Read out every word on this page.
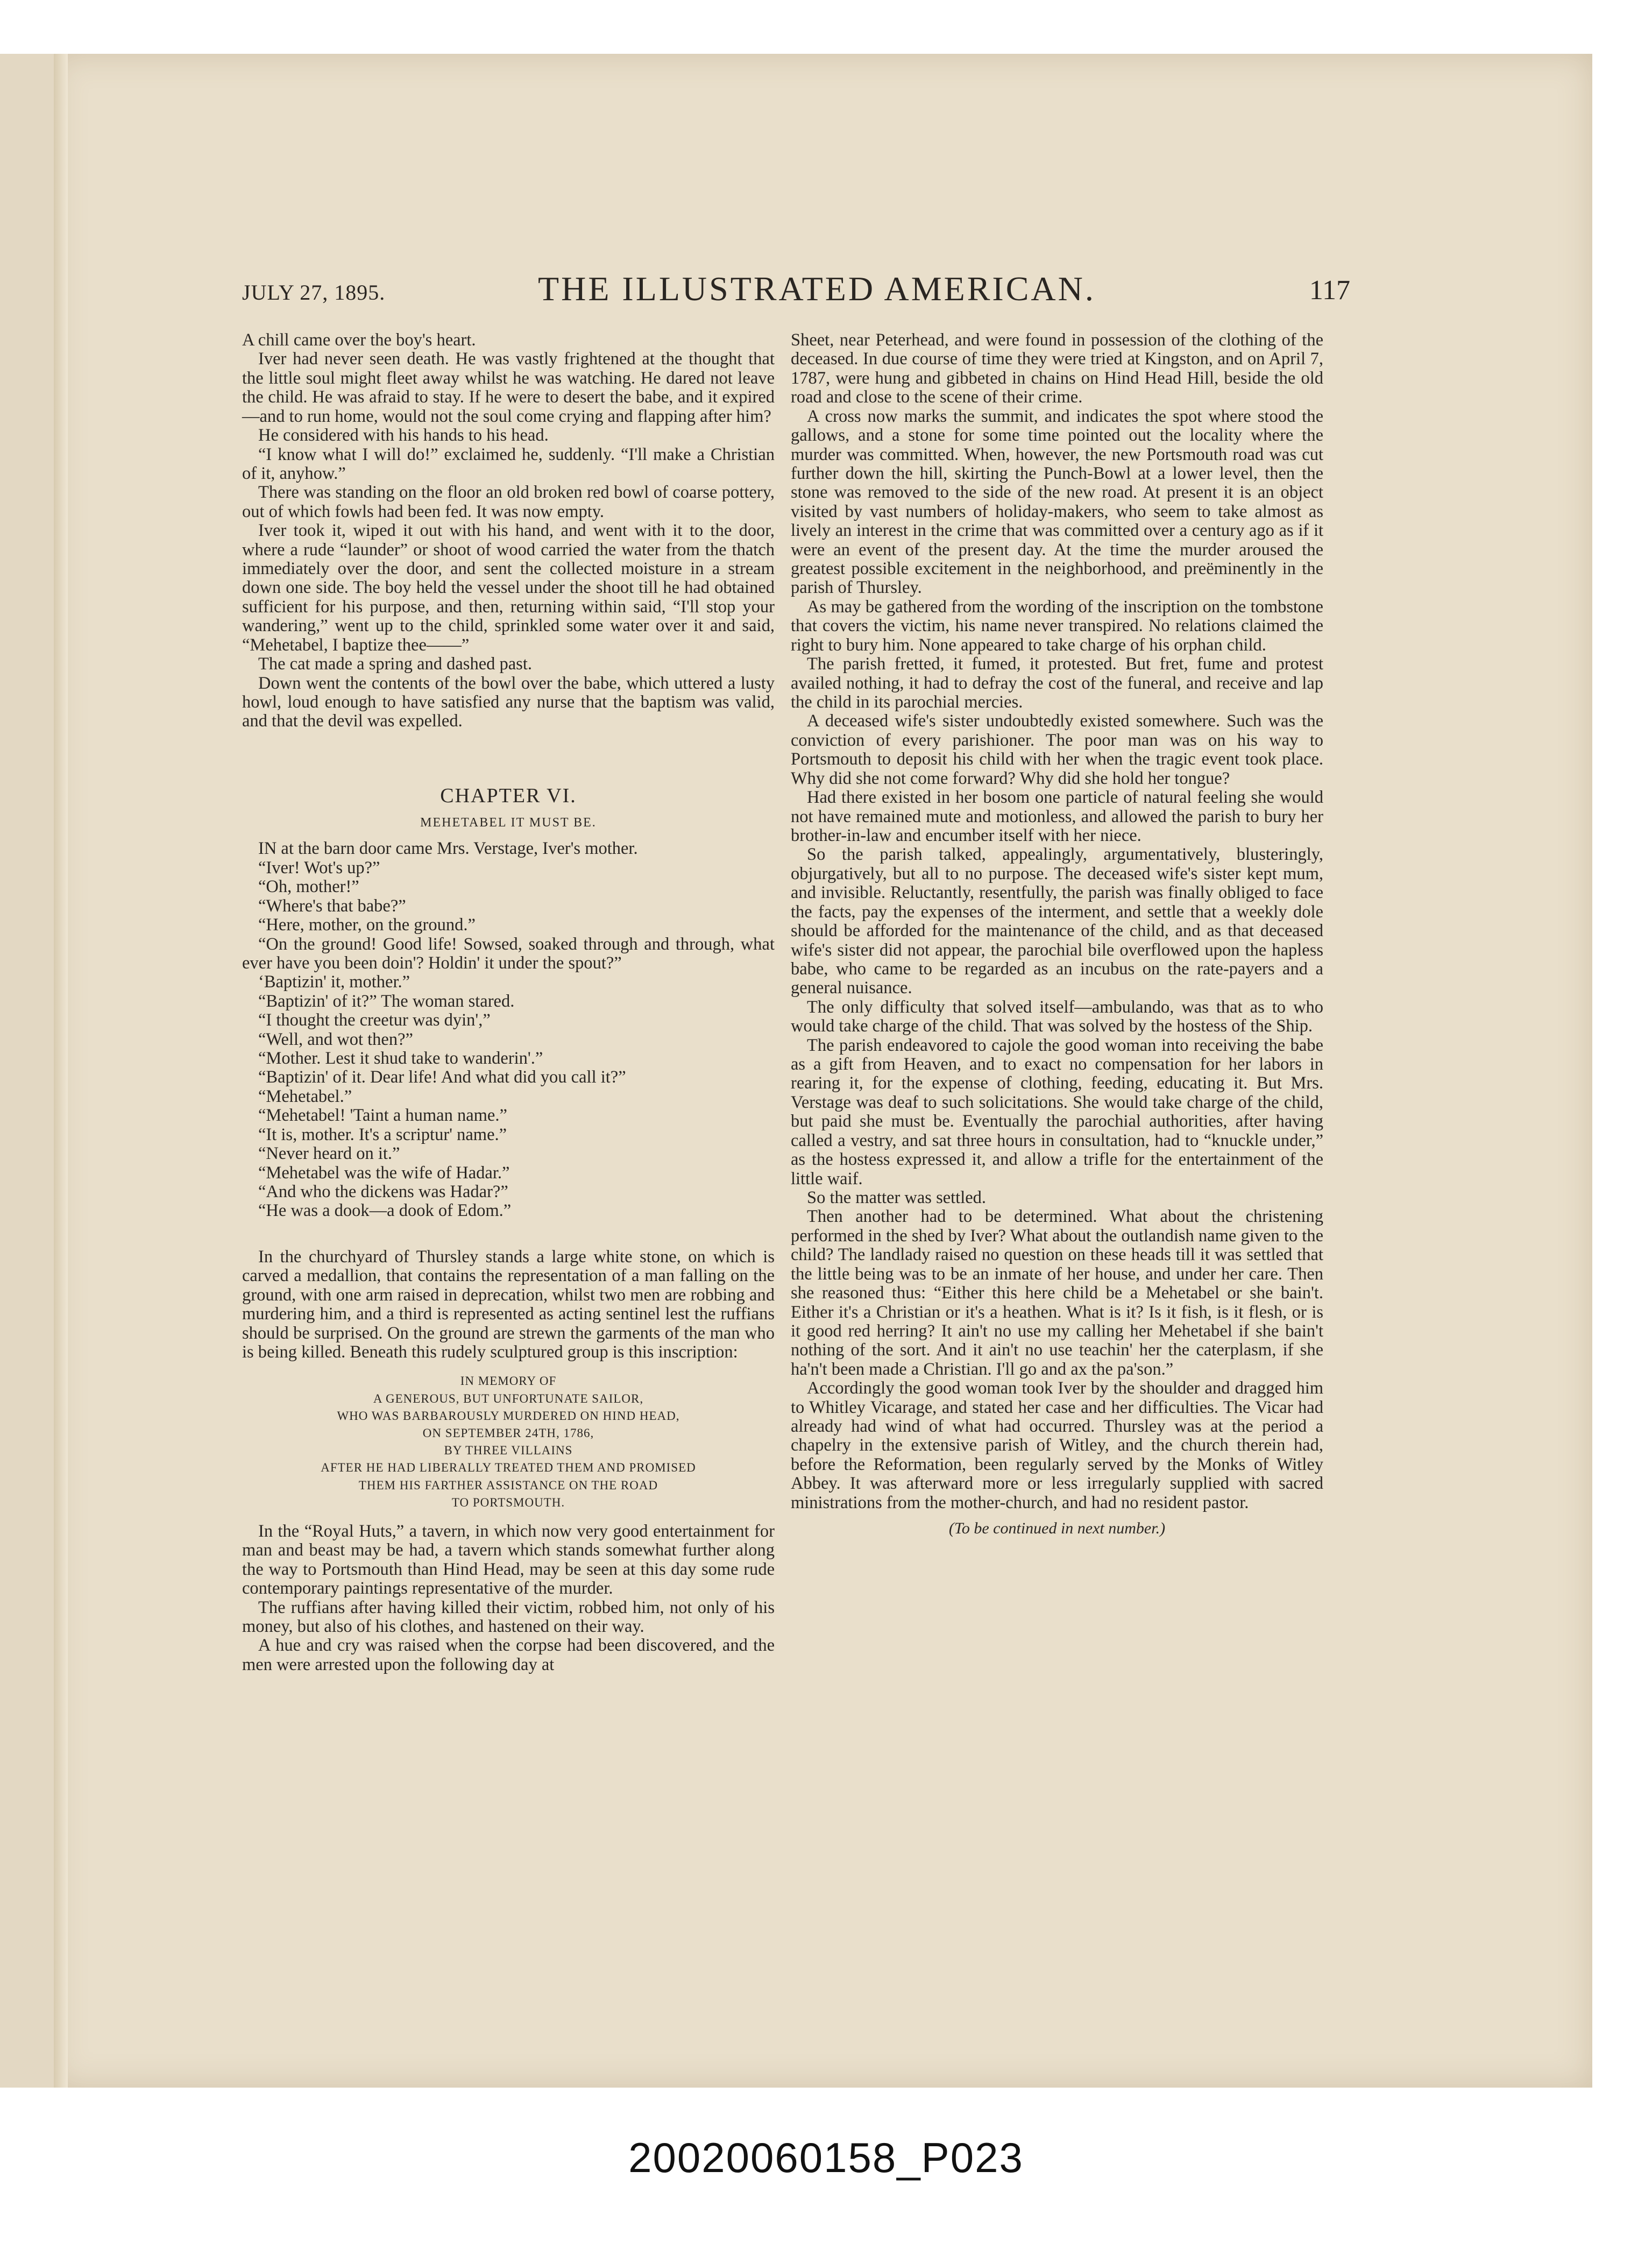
JULY 27, 1895.	THE ILLUSTRATED AMERICAN.	117

A chill came over the boy's heart.

Iver had never seen death. He was vastly frightened at the thought that the little soul might fleet away whilst he was watching. He dared not leave the child. He was afraid to stay. If he were to desert the babe, and it expired—and to run home, would not the soul come crying and flapping after him?

He considered with his hands to his head.

“I know what I will do!” exclaimed he, suddenly. “I'll make a Christian of it, anyhow.”

There was standing on the floor an old broken red bowl of coarse pottery, out of which fowls had been fed. It was now empty.

Iver took it, wiped it out with his hand, and went with it to the door, where a rude “launder” or shoot of wood carried the water from the thatch immediately over the door, and sent the collected moisture in a stream down one side. The boy held the vessel under the shoot till he had obtained sufficient for his purpose, and then, returning within said, “I'll stop your wandering,” went up to the child, sprinkled some water over it and said, “Mehetabel, I baptize thee——”

The cat made a spring and dashed past.

Down went the contents of the bowl over the babe, which uttered a lusty howl, loud enough to have satisfied any nurse that the baptism was valid, and that the devil was expelled.

CHAPTER VI.
MEHETABEL IT MUST BE.

IN at the barn door came Mrs. Verstage, Iver's mother.

“Iver! Wot's up?”

“Oh, mother!”

“Where's that babe?”

“Here, mother, on the ground.”

“On the ground! Good life! Sowsed, soaked through and through, what ever have you been doin'? Holdin' it under the spout?”

‘Baptizin' it, mother.”

“Baptizin' of it?” The woman stared.

“I thought the creetur was dyin',”

“Well, and wot then?”

“Mother. Lest it shud take to wanderin'.”

“Baptizin' of it. Dear life! And what did you call it?”

“Mehetabel.”

“Mehetabel! 'Taint a human name.”

“It is, mother. It's a scriptur' name.”

“Never heard on it.”

“Mehetabel was the wife of Hadar.”

“And who the dickens was Hadar?”

“He was a dook—a dook of Edom.”

In the churchyard of Thursley stands a large white stone, on which is carved a medallion, that contains the representation of a man falling on the ground, with one arm raised in deprecation, whilst two men are robbing and murdering him, and a third is represented as acting sentinel lest the ruffians should be surprised. On the ground are strewn the garments of the man who is being killed. Beneath this rudely sculptured group is this inscription:

IN MEMORY OF
A GENEROUS, BUT UNFORTUNATE SAILOR,
WHO WAS BARBAROUSLY MURDERED ON HIND HEAD,
ON SEPTEMBER 24TH, 1786,
BY THREE VILLAINS
AFTER HE HAD LIBERALLY TREATED THEM AND PROMISED
THEM HIS FARTHER ASSISTANCE ON THE ROAD
TO PORTSMOUTH.

In the “Royal Huts,” a tavern, in which now very good entertainment for man and beast may be had, a tavern which stands somewhat further along the way to Portsmouth than Hind Head, may be seen at this day some rude contemporary paintings representative of the murder.

The ruffians after having killed their victim, robbed him, not only of his money, but also of his clothes, and hastened on their way.

A hue and cry was raised when the corpse had been discovered, and the men were arrested upon the following day at

Sheet, near Peterhead, and were found in possession of the clothing of the deceased. In due course of time they were tried at Kingston, and on April 7, 1787, were hung and gibbeted in chains on Hind Head Hill, beside the old road and close to the scene of their crime.

A cross now marks the summit, and indicates the spot where stood the gallows, and a stone for some time pointed out the locality where the murder was committed. When, however, the new Portsmouth road was cut further down the hill, skirting the Punch-Bowl at a lower level, then the stone was removed to the side of the new road. At present it is an object visited by vast numbers of holiday-makers, who seem to take almost as lively an interest in the crime that was committed over a century ago as if it were an event of the present day. At the time the murder aroused the greatest possible excitement in the neighborhood, and preëminently in the parish of Thursley.

As may be gathered from the wording of the inscription on the tombstone that covers the victim, his name never transpired. No relations claimed the right to bury him. None appeared to take charge of his orphan child.

The parish fretted, it fumed, it protested. But fret, fume and protest availed nothing, it had to defray the cost of the funeral, and receive and lap the child in its parochial mercies.

A deceased wife's sister undoubtedly existed somewhere. Such was the conviction of every parishioner. The poor man was on his way to Portsmouth to deposit his child with her when the tragic event took place. Why did she not come forward? Why did she hold her tongue?

Had there existed in her bosom one particle of natural feeling she would not have remained mute and motionless, and allowed the parish to bury her brother-in-law and encumber itself with her niece.

So the parish talked, appealingly, argumentatively, blusteringly, objurgatively, but all to no purpose. The deceased wife's sister kept mum, and invisible. Reluctantly, resentfully, the parish was finally obliged to face the facts, pay the expenses of the interment, and settle that a weekly dole should be afforded for the maintenance of the child, and as that deceased wife's sister did not appear, the parochial bile overflowed upon the hapless babe, who came to be regarded as an incubus on the rate-payers and a general nuisance.

The only difficulty that solved itself—ambulando, was that as to who would take charge of the child. That was solved by the hostess of the Ship.

The parish endeavored to cajole the good woman into receiving the babe as a gift from Heaven, and to exact no compensation for her labors in rearing it, for the expense of clothing, feeding, educating it. But Mrs. Verstage was deaf to such solicitations. She would take charge of the child, but paid she must be. Eventually the parochial authorities, after having called a vestry, and sat three hours in consultation, had to “knuckle under,” as the hostess expressed it, and allow a trifle for the entertainment of the little waif.

So the matter was settled.

Then another had to be determined. What about the christening performed in the shed by Iver? What about the outlandish name given to the child? The landlady raised no question on these heads till it was settled that the little being was to be an inmate of her house, and under her care. Then she reasoned thus: “Either this here child be a Mehetabel or she bain't. Either it's a Christian or it's a heathen. What is it? Is it fish, is it flesh, or is it good red herring? It ain't no use my calling her Mehetabel if she bain't nothing of the sort. And it ain't no use teachin' her the caterplasm, if she ha'n't been made a Christian. I'll go and ax the pa'son.”

Accordingly the good woman took Iver by the shoulder and dragged him to Whitley Vicarage, and stated her case and her difficulties. The Vicar had already had wind of what had occurred. Thursley was at the period a chapelry in the extensive parish of Witley, and the church therein had, before the Reformation, been regularly served by the Monks of Witley Abbey. It was afterward more or less irregularly supplied with sacred ministrations from the mother-church, and had no resident pastor.

(To be continued in next number.)
20020060158_P023
